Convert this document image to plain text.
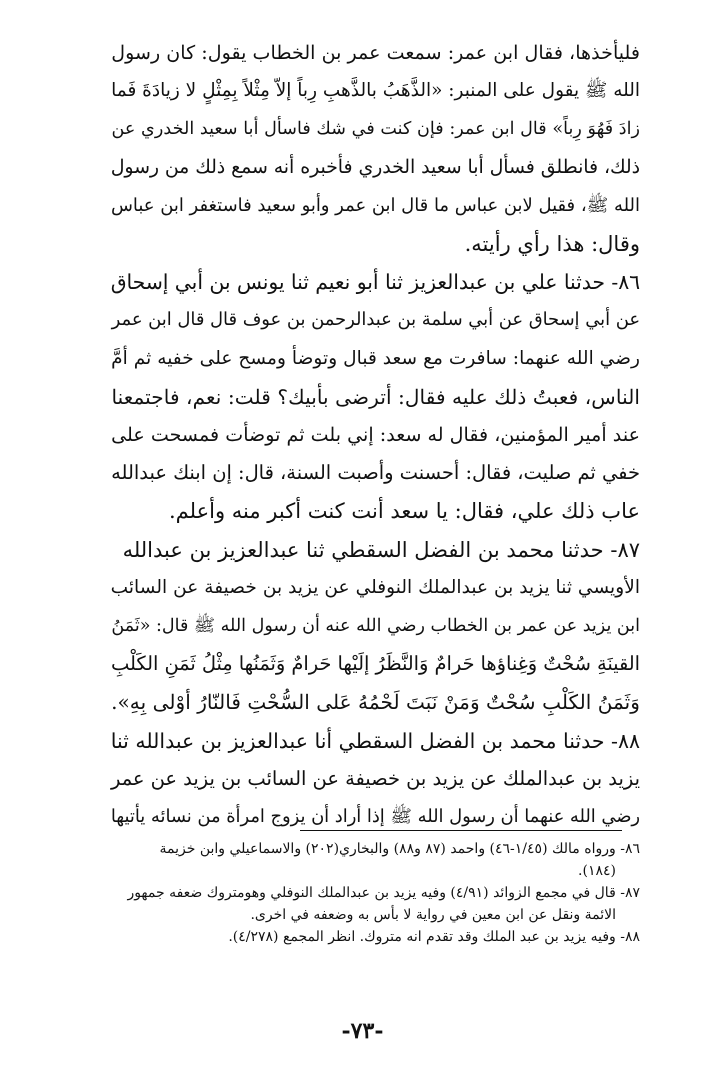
فليأخذها، فقال ابن عمر: سمعت عمر بن الخطاب يقول: كان رسول
الله ﷺ يقول على المنبر: «الذَّهَبُ بالذَّهبِ رِباً إلاّ مِثْلاً بِمِثْلٍ لا زيادَةَ فَما
زادَ فَهُوَ رِباً» قال ابن عمر: فإن كنت في شك فاسأل أبا سعيد الخدري عن
ذلك، فانطلق فسأل أبا سعيد الخدري فأخبره أنه سمع ذلك من رسول
الله ﷺ، فقيل لابن عباس ما قال ابن عمر وأبو سعيد فاستغفر ابن عباس
وقال: هذا رأي رأيته.

٨٦- حدثنا علي بن عبدالعزيز ثنا أبو نعيم ثنا يونس بن أبي إسحاق
عن أبي إسحاق عن أبي سلمة بن عبدالرحمن بن عوف قال قال ابن عمر
رضي الله عنهما: سافرت مع سعد قبال وتوضأ ومسح على خفيه ثم أمَّ
الناس، فعبتُ ذلك عليه فقال: أترضى بأبيك؟ قلت: نعم، فاجتمعنا
عند أمير المؤمنين، فقال له سعد: إني بلت ثم توضأت فمسحت على
خفي ثم صليت، فقال: أحسنت وأصبت السنة، قال: إن ابنك عبدالله
عاب ذلك علي، فقال: يا سعد أنت كنت أكبر منه وأعلم.

٨٧- حدثنا محمد بن الفضل السقطي ثنا عبدالعزيز بن عبدالله
الأويسي ثنا يزيد بن عبدالملك النوفلي عن يزيد بن خصيفة عن السائب
ابن يزيد عن عمر بن الخطاب رضي الله عنه أن رسول الله ﷺ قال: «ثَمَنُ
القينَةِ سُحْتٌ وَغِناؤها حَرامٌ وَالنَّظَرُ إلَيْها حَرامٌ وَثَمَنُها مِثْلُ ثَمَنِ الكَلْبِ
وَثَمَنُ الكَلْبِ سُحْتٌ وَمَنْ نَبَتَ لَحْمُهُ عَلى السُّحْتِ فَالنّارُ أوْلى بِهِ».

٨٨- حدثنا محمد بن الفضل السقطي أنا عبدالعزيز بن عبدالله ثنا
يزيد بن عبدالملك عن يزيد بن خصيفة عن السائب بن يزيد عن عمر
رضي الله عنهما أن رسول الله ﷺ إذا أراد أن يزوج امرأة من نسائه يأتيها

٨٦- ورواه مالك (١/٤٥-٤٦) واحمد (٨٧ و٨٨) والبخاري(٢٠٢) والاسماعيلي وابن خزيمة
(١٨٤).
٨٧- قال في مجمع الزوائد (٤/٩١) وفيه يزيد بن عبدالملك النوفلي وهومتروك ضعفه جمهور
الائمة ونقل عن ابن معين في رواية لا بأس به وضعفه في اخرى.
٨٨- وفيه يزيد بن عبد الملك وقد تقدم انه متروك. انظر المجمع (٤/٢٧٨).
-٧٣-
